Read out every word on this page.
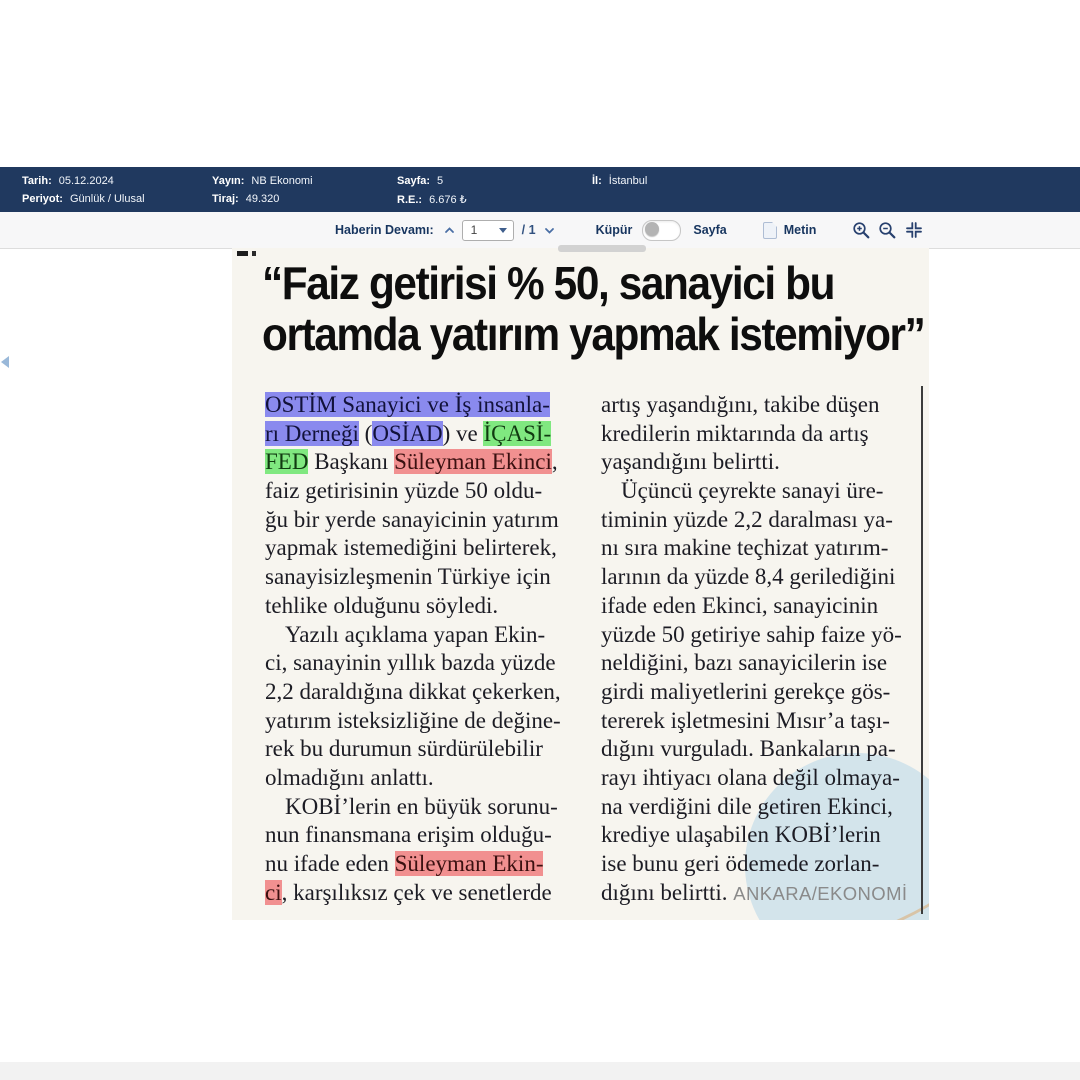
Tarih: 05.12.2024
Periyot: Günlük / Ulusal
Yayın: NB Ekonomi
Tiraj: 49.320
Sayfa: 5
R.E.: 6.676 ₺
İl: İstanbul
Haberin Devamı:	1	/ 1	Küpür	Sayfa	Metin
“Faiz getirisi % 50, sanayici bu
ortamda yatırım yapmak istemiyor”
OSTİM Sanayici ve İş insanla-
rı Derneği (OSİAD) ve İÇASİ-
FED Başkanı Süleyman Ekinci,
faiz getirisinin yüzde 50 oldu-
ğu bir yerde sanayicinin yatırım
yapmak istemediğini belirterek,
sanayisizleşmenin Türkiye için
tehlike olduğunu söyledi.
Yazılı açıklama yapan Ekin-
ci, sanayinin yıllık bazda yüzde
2,2 daraldığına dikkat çekerken,
yatırım isteksizliğine de değine-
rek bu durumun sürdürülebilir
olmadığını anlattı.
KOBİ’lerin en büyük sorunu-
nun finansmana erişim olduğu-
nu ifade eden Süleyman Ekin-
ci, karşılıksız çek ve senetlerde
artış yaşandığını, takibe düşen
kredilerin miktarında da artış
yaşandığını belirtti.
Üçüncü çeyrekte sanayi üre-
timinin yüzde 2,2 daralması ya-
nı sıra makine teçhizat yatırım-
larının da yüzde 8,4 gerilediğini
ifade eden Ekinci, sanayicinin
yüzde 50 getiriye sahip faize yö-
neldiğini, bazı sanayicilerin ise
girdi maliyetlerini gerekçe gös-
tererek işletmesini Mısır’a taşı-
dığını vurguladı. Bankaların pa-
rayı ihtiyacı olana değil olmaya-
na verdiğini dile getiren Ekinci,
krediye ulaşabilen KOBİ’lerin
ise bunu geri ödemede zorlan-
dığını belirtti. ANKARA/EKONOMİ
